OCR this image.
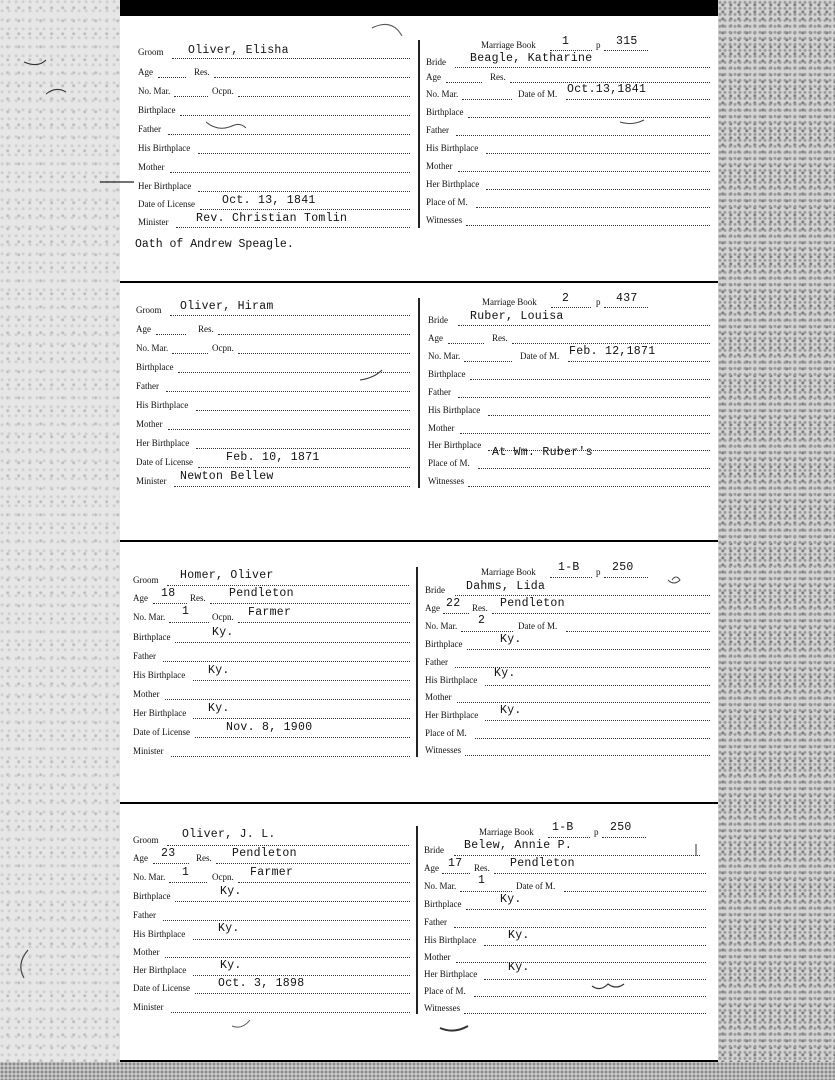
Groom Oliver, Elisha
Age	Res.
No. Mar.	Ocpn.
Birthplace
Father
His Birthplace
Mother
Her Birthplace
Date of License Oct. 13, 1841
Minister Rev. Christian Tomlin
Oath of Andrew Speagle.
Marriage Book 1	p 315
Bride Beagle, Katharine
Age	Res.
No. Mar.	Date of M. Oct.13,1841
Birthplace
Father
His Birthplace
Mother
Her Birthplace
Place of M.
Witnesses
Groom Oliver, Hiram
Age	Res.
No. Mar.	Ocpn.
Birthplace
Father
His Birthplace
Mother
Her Birthplace
Date of License	Feb. 10, 1871
Minister Newton Bellew
Marriage Book 2	p 437
Bride Ruber, Louisa
Age	Res.
No. Mar.	Date of M. Feb. 12,1871
Birthplace
Father
His Birthplace
Mother
Her Birthplace
Place of M.
At Wm. Ruber's
Witnesses
Groom Homer, Oliver
Age 18 Res. Pendleton
No. Mar. 1	Ocpn. Farmer
Birthplace	Ky.
Father
His Birthplace Ky.
Mother
Her Birthplace Ky.
Date of License	Nov. 8, 1900
Minister
Marriage Book 1-B p 250
Bride Dahms, Lida
Age 22 Res. Pendleton
No. Mar. 2	Date of M.
Birthplace	Ky.
Father
His Birthplace Ky.
Mother
Her Birthplace Ky.
Place of M.
Witnesses
Groom Oliver, J. L.
Age 23 Res. Pendleton
No. Mar. 1	Ocpn. Farmer
Birthplace	Ky.
Father
His Birthplace	Ky.
Mother
Her Birthplace	Ky.
Date of License Oct. 3, 1898
Minister
Marriage Book 1-B p 250
Bride Belew, Annie P.
Age 17 Res. Pendleton
No. Mar. 1	Date of M.
Birthplace	Ky.
Father
His Birthplace	Ky.
Mother
Her Birthplace	Ky.
Place of M.
Witnesses
